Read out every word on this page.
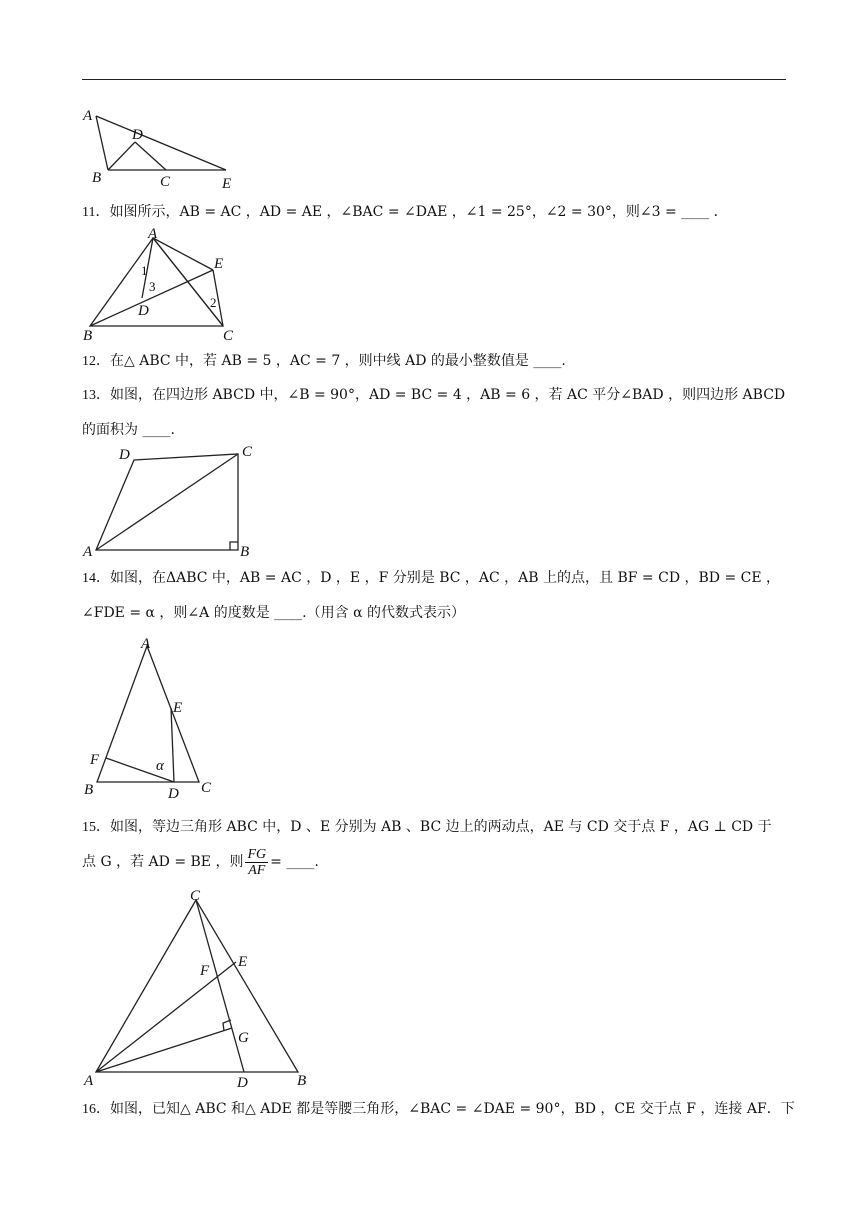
A
D
B	C	E
11．如图所示，AB = AC ，AD = AE ，∠BAC = ∠DAE ，∠1 = 25°，∠2 = 30°，则∠3 = ____ ．
A
E
B
D
C
1
3
2
12．在△ ABC 中，若 AB = 5 ，AC = 7 ，则中线 AD 的最小整数值是 ____.
13．如图，在四边形 ABCD 中，∠B = 90°，AD = BC = 4 ，AB = 6 ，若 AC 平分∠BAD ，则四边形 ABCD
的面积为 ____.
D	C
A	B
14．如图，在ΔABC 中，AB = AC ，D ，E ，F 分别是 BC ，AC ，AB 上的点，且 BF = CD ，BD = CE ，
∠FDE = α ，则∠A 的度数是 ____.（用含 α 的代数式表示）
A
E
F
B	D C
α
15．如图，等边三角形 ABC 中，D 、E 分别为 AB 、BC 边上的两动点，AE 与 CD 交于点 F ，AG ⊥ CD 于
点 G ，若 AD = BE ，则 $\frac{FG}{AF}$ = ____.
C
F
E
G
A	D	B
16．如图，已知△ ABC 和△ ADE 都是等腰三角形，∠BAC = ∠DAE = 90°，BD ，CE 交于点 F ，连接 AF．下
